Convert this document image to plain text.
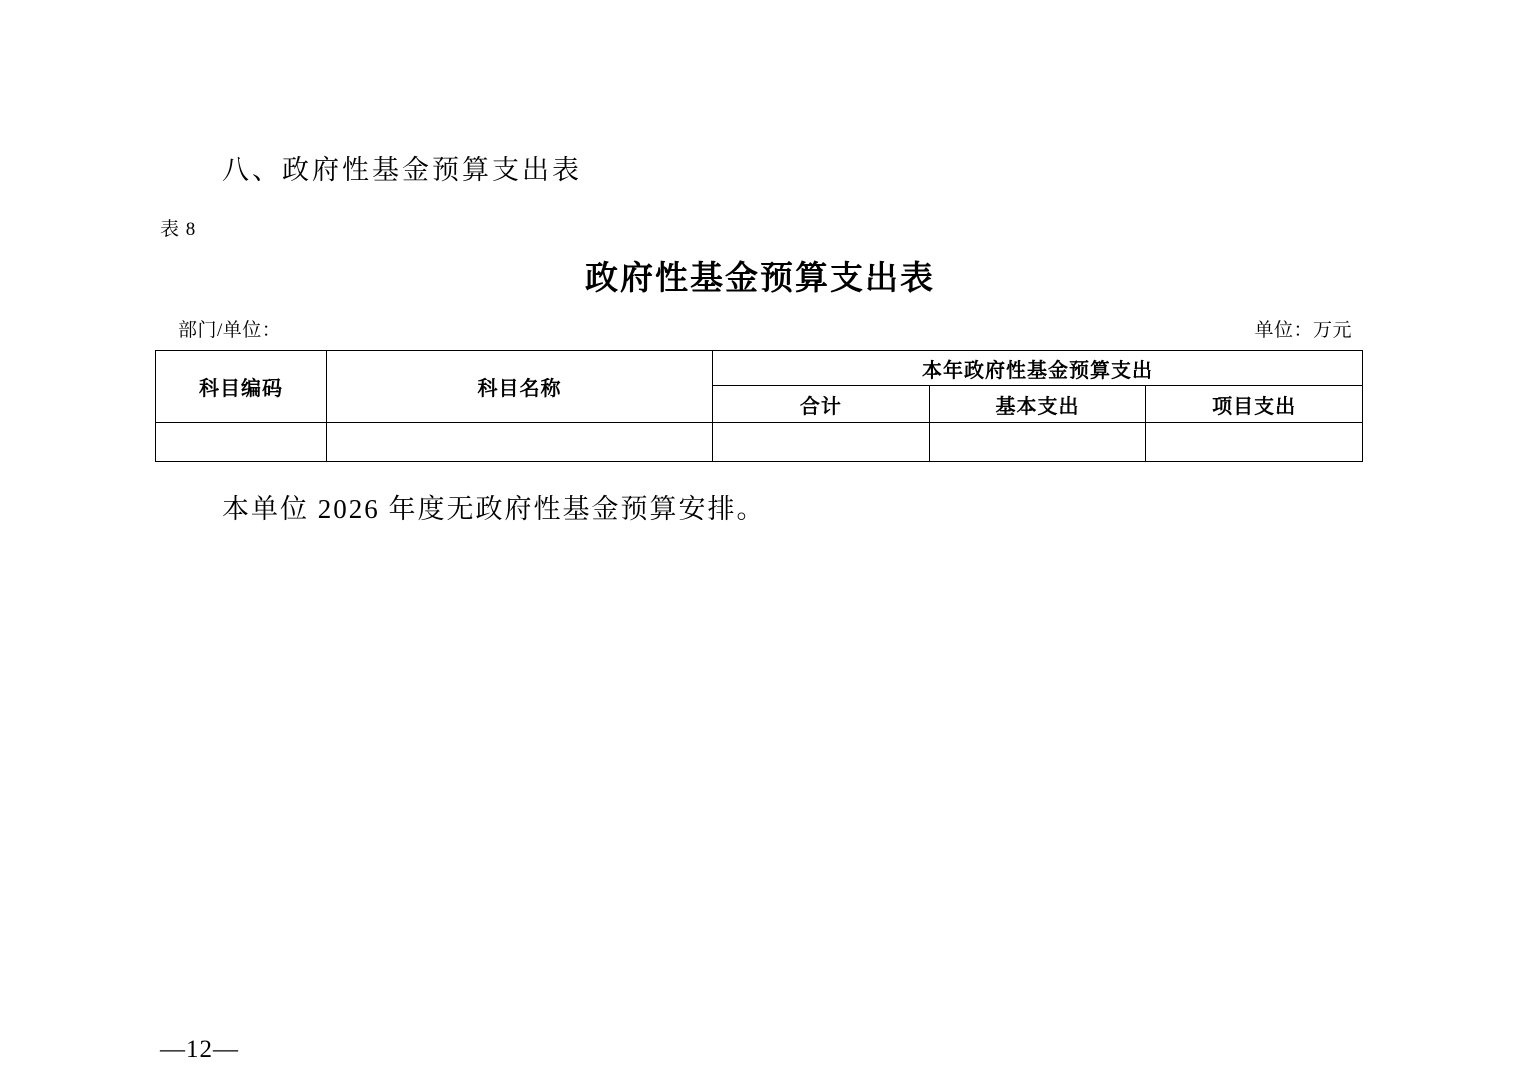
八、政府性基金预算支出表
表 8
政府性基金预算支出表
部门/单位：	单位：万元
科目编码	科目名称	本年政府性基金预算支出		
		合计	基本支出	项目支出

本单位 2026 年度无政府性基金预算安排。
—12—
